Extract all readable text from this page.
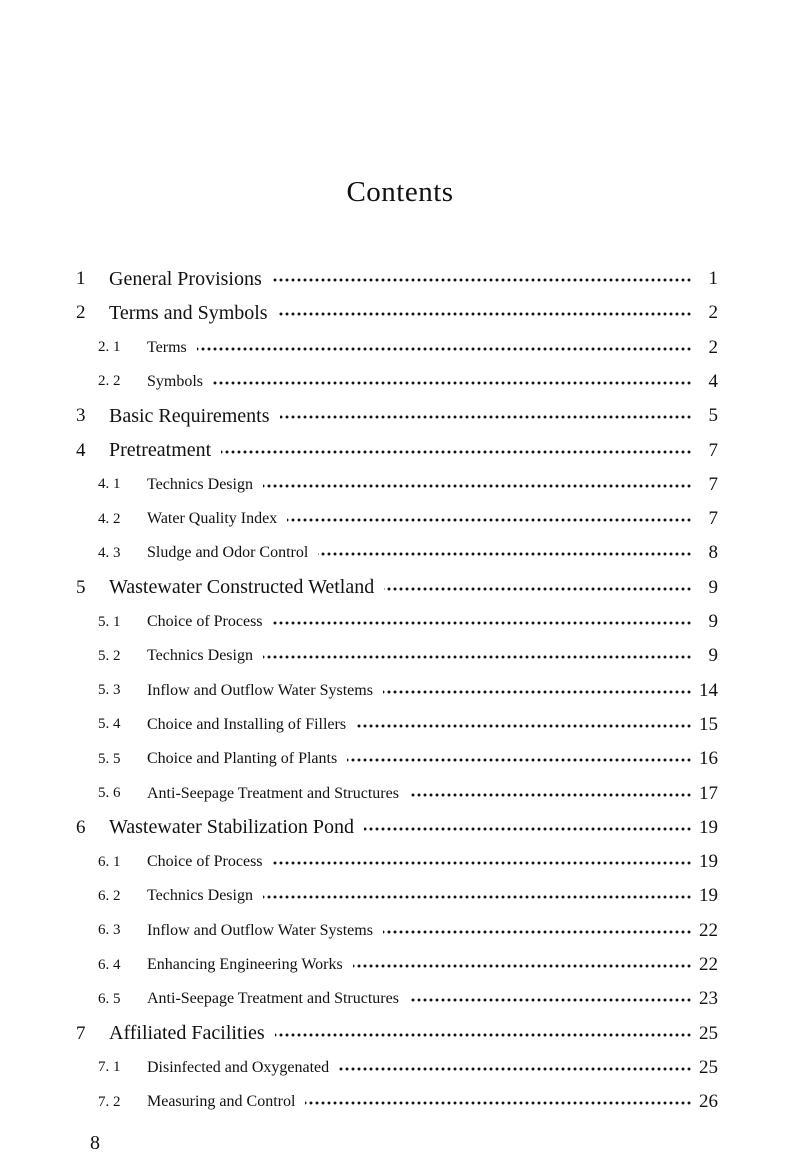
Contents
1 General Provisions	1
2 Terms and Symbols	2
2. 1 Terms	2
2. 2 Symbols	4
3 Basic Requirements	5
4 Pretreatment	7
4. 1 Technics Design	7
4. 2 Water Quality Index	7
4. 3 Sludge and Odor Control	8
5 Wastewater Constructed Wetland	9
5. 1 Choice of Process	9
5. 2 Technics Design	9
5. 3 Inflow and Outflow Water Systems	14
5. 4 Choice and Installing of Fillers	15
5. 5 Choice and Planting of Plants	16
5. 6 Anti-Seepage Treatment and Structures	17
6 Wastewater Stabilization Pond	19
6. 1 Choice of Process	19
6. 2 Technics Design	19
6. 3 Inflow and Outflow Water Systems	22
6. 4 Enhancing Engineering Works	22
6. 5 Anti-Seepage Treatment and Structures	23
7 Affiliated Facilities	25
7. 1 Disinfected and Oxygenated	25
7. 2 Measuring and Control	26
8
